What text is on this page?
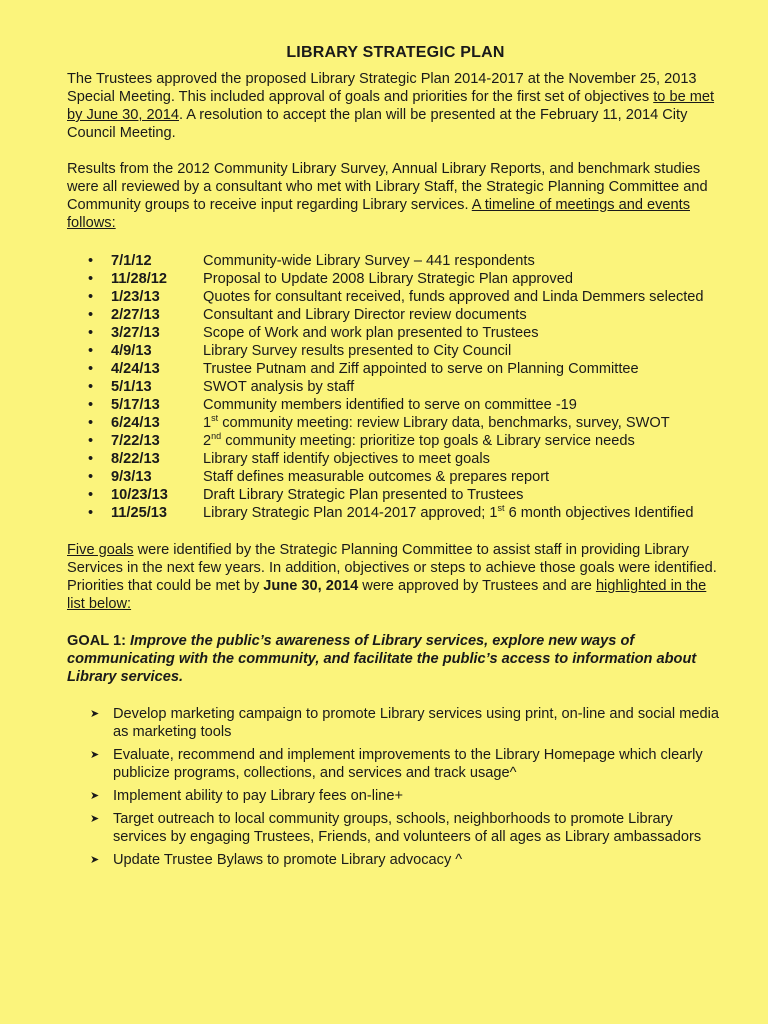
LIBRARY STRATEGIC PLAN

The Trustees approved the proposed Library Strategic Plan 2014-2017 at the November 25, 2013 Special Meeting. This included approval of goals and priorities for the first set of objectives to be met by June 30, 2014. A resolution to accept the plan will be presented at the February 11, 2014 City Council Meeting.

Results from the 2012 Community Library Survey, Annual Library Reports, and benchmark studies were all reviewed by a consultant who met with Library Staff, the Strategic Planning Committee and Community groups to receive input regarding Library services. A timeline of meetings and events follows:

•	7/1/12	Community-wide Library Survey – 441 respondents
•	11/28/12	Proposal to Update 2008 Library Strategic Plan approved
•	1/23/13	Quotes for consultant received, funds approved and Linda Demmers selected
•	2/27/13	Consultant and Library Director review documents
•	3/27/13	Scope of Work and work plan presented to Trustees
•	4/9/13	Library Survey results presented to City Council
•	4/24/13	Trustee Putnam and Ziff appointed to serve on Planning Committee
•	5/1/13	SWOT analysis by staff
•	5/17/13	Community members identified to serve on committee -19
•	6/24/13	1st community meeting: review Library data, benchmarks, survey, SWOT
•	7/22/13	2nd community meeting: prioritize top goals & Library service needs
•	8/22/13	Library staff identify objectives to meet goals
•	9/3/13	Staff defines measurable outcomes & prepares report
•	10/23/13	Draft Library Strategic Plan presented to Trustees
•	11/25/13	Library Strategic Plan 2014-2017 approved; 1st 6 month objectives Identified

Five goals were identified by the Strategic Planning Committee to assist staff in providing Library Services in the next few years. In addition, objectives or steps to achieve those goals were identified. Priorities that could be met by June 30, 2014 were approved by Trustees and are highlighted in the list below:

GOAL 1: Improve the public’s awareness of Library services, explore new ways of communicating with the community, and facilitate the public’s access to information about Library services.

➤ Develop marketing campaign to promote Library services using print, on-line and social media as marketing tools
➤ Evaluate, recommend and implement improvements to the Library Homepage which clearly publicize programs, collections, and services and track usage^
➤ Implement ability to pay Library fees on-line+
➤ Target outreach to local community groups, schools, neighborhoods to promote Library services by engaging Trustees, Friends, and volunteers of all ages as Library ambassadors
➤ Update Trustee Bylaws to promote Library advocacy ^
